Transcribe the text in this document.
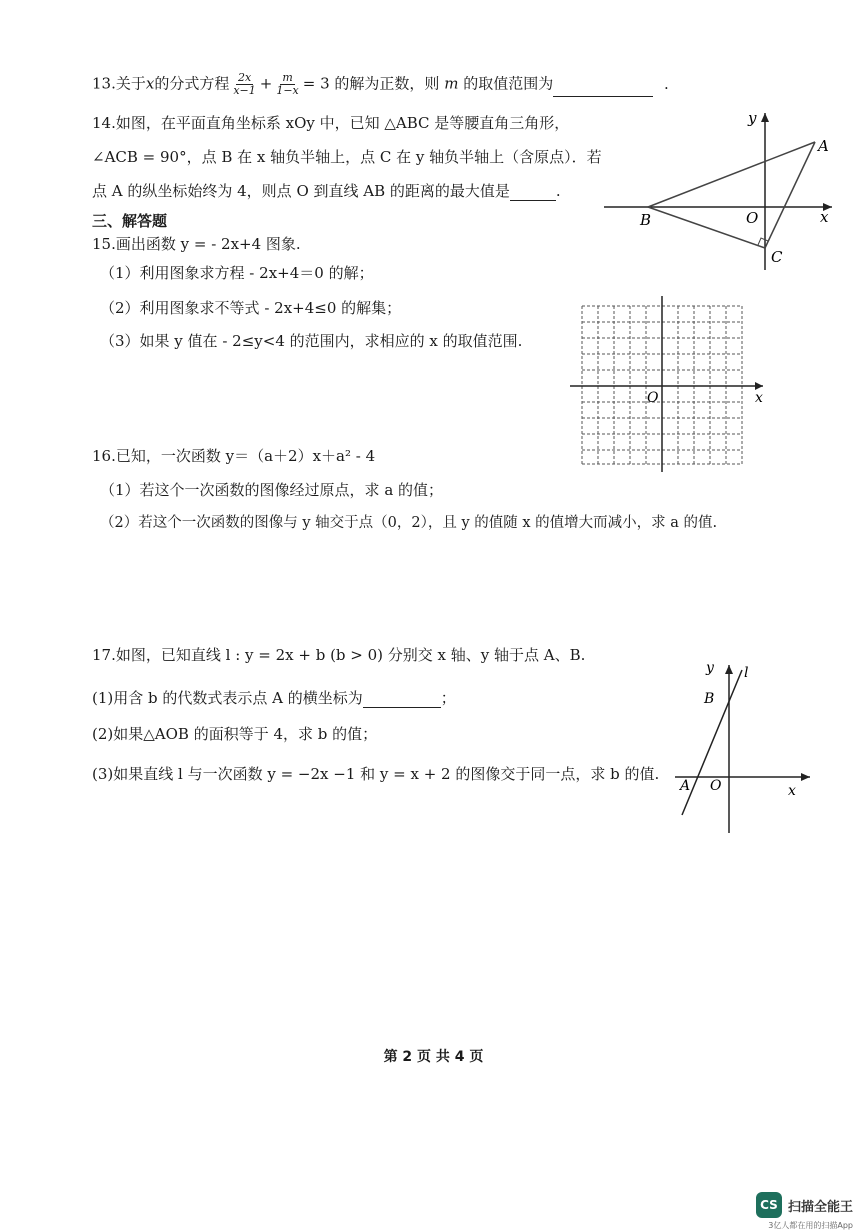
13.关于x的分式方程 $\frac{2x}{x-1} + \frac{m}{1-x} = 3$ 的解为正数，则 m 的取值范围为	.
14.如图，在平面直角坐标系 xOy 中，已知 △ABC 是等腰直角三角形，
∠ACB = 90°，点 B 在 x 轴负半轴上，点 C 在 y 轴负半轴上（含原点）．若
点 A 的纵坐标始终为 4，则点 O 到直线 AB 的距离的最大值是	.
y
A
B	O	x
C
三、解答题
15.画出函数 y = - 2x+4 图象.
（1）利用图象求方程 - 2x+4＝0 的解；
（2）利用图象求不等式 - 2x+4≤0 的解集；
（3）如果 y 值在 - 2≤y<4 的范围内，求相应的 x 的取值范围.
O	x
16.已知，一次函数 y＝（a＋2）x＋a² - 4
（1）若这个一次函数的图像经过原点，求 a 的值；
（2）若这个一次函数的图像与 y 轴交于点（0，2），且 y 的值随 x 的值增大而减小，求 a 的值.
17.如图，已知直线 l : y = 2x + b (b > 0) 分别交 x 轴、y 轴于点 A、B.
(1)用含 b 的代数式表示点 A 的横坐标为	；
(2)如果△AOB 的面积等于 4，求 b 的值；
(3)如果直线 l 与一次函数 y = −2x −1 和 y = x + 2 的图像交于同一点，求 b 的值.
y l
B
A O	x
第 2 页 共 4 页
CS 扫描全能王
3亿人都在用的扫描App
